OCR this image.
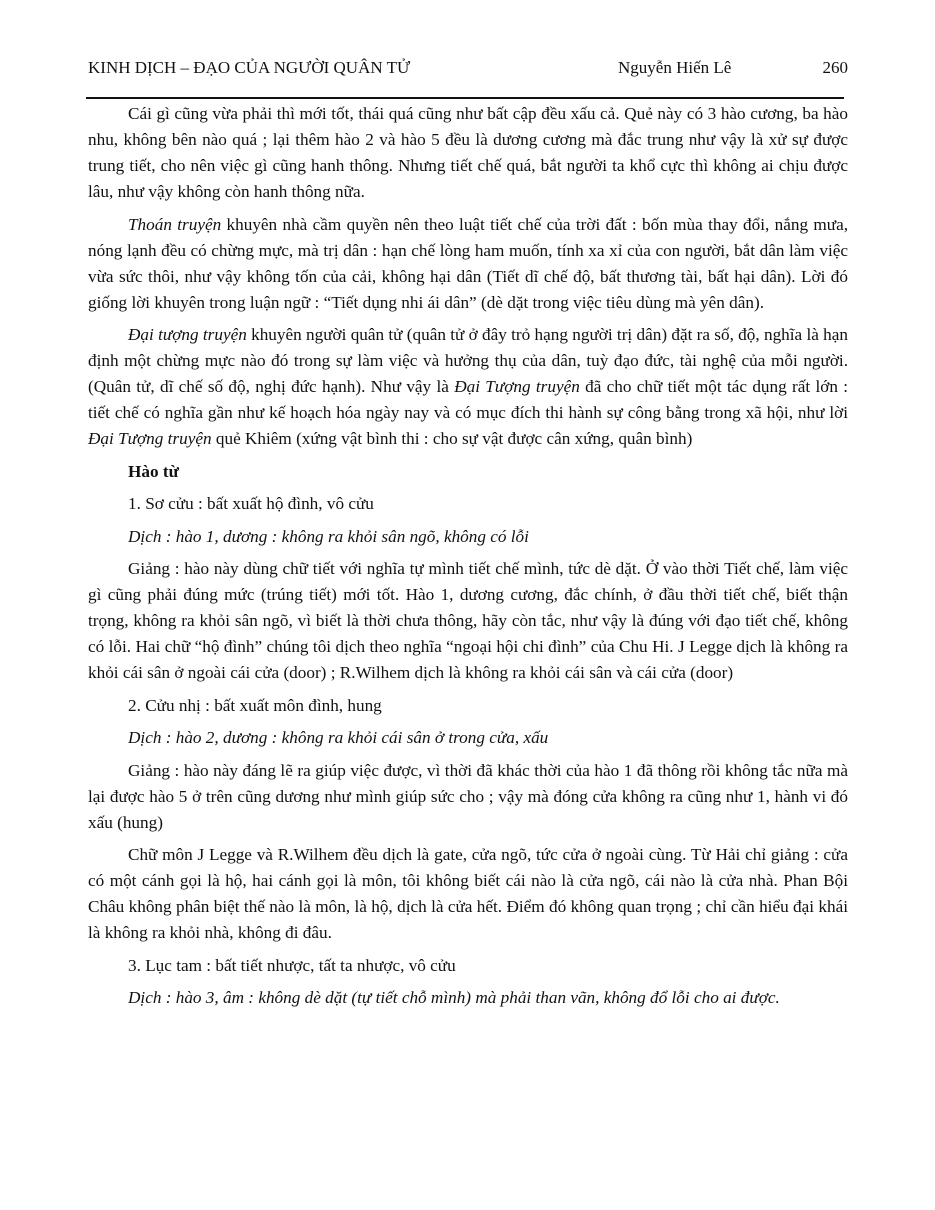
KINH DỊCH – ĐẠO CỦA NGƯỜI QUÂN TỬ	Nguyễn Hiến Lê	260

Cái gì cũng vừa phải thì mới tốt, thái quá cũng như bất cập đều xấu cả. Quẻ này có 3 hào cương, ba hào nhu, không bên nào quá ; lại thêm hào 2 và hào 5 đều là dương cương mà đắc trung như vậy là xử sự được trung tiết, cho nên việc gì cũng hanh thông. Nhưng tiết chế quá, bắt người ta khổ cực thì không ai chịu được lâu, như vậy không còn hanh thông nữa.

Thoán truyện khuyên nhà cầm quyền nên theo luật tiết chế của trời đất : bốn mùa thay đổi, nắng mưa, nóng lạnh đều có chừng mực, mà trị dân : hạn chế lòng ham muốn, tính xa xỉ của con người, bắt dân làm việc vừa sức thôi, như vậy không tốn của cải, không hại dân (Tiết dĩ chế độ, bất thương tài, bất hại dân). Lời đó giống lời khuyên trong luận ngữ : “Tiết dụng nhi ái dân” (dè dặt trong việc tiêu dùng mà yên dân).

Đại tượng truyện khuyên người quân tử (quân tử ở đây trỏ hạng người trị dân) đặt ra số, độ, nghĩa là hạn định một chừng mực nào đó trong sự làm việc và hưởng thụ của dân, tuỳ đạo đức, tài nghệ của mỗi người. (Quân tử, dĩ chế số độ, nghị đức hạnh). Như vậy là Đại Tượng truyện đã cho chữ tiết một tác dụng rất lớn : tiết chế có nghĩa gần như kế hoạch hóa ngày nay và có mục đích thi hành sự công bằng trong xã hội, như lời Đại Tượng truyện quẻ Khiêm (xứng vật bình thi : cho sự vật được cân xứng, quân bình)

Hào từ

1. Sơ cửu : bất xuất hộ đình, vô cửu

Dịch : hào 1, dương : không ra khỏi sân ngõ, không có lỗi

Giảng : hào này dùng chữ tiết với nghĩa tự mình tiết chế mình, tức dè dặt. Ở vào thời Tiết chế, làm việc gì cũng phải đúng mức (trúng tiết) mới tốt. Hào 1, dương cương, đắc chính, ở đầu thời tiết chế, biết thận trọng, không ra khỏi sân ngõ, vì biết là thời chưa thông, hãy còn tắc, như vậy là đúng với đạo tiết chế, không có lỗi. Hai chữ “hộ đình” chúng tôi dịch theo nghĩa “ngoại hội chi đình” của Chu Hi. J Legge dịch là không ra khỏi cái sân ở ngoài cái cửa (door) ; R.Wilhem dịch là không ra khỏi cái sân và cái cửa (door)

2. Cửu nhị : bất xuất môn đình, hung

Dịch : hào 2, dương : không ra khỏi cái sân ở trong cửa, xấu

Giảng : hào này đáng lẽ ra giúp việc được, vì thời đã khác thời của hào 1 đã thông rồi không tắc nữa mà lại được hào 5 ở trên cũng dương như mình giúp sức cho ; vậy mà đóng cửa không ra cũng như 1, hành vi đó xấu (hung)

Chữ môn J Legge và R.Wilhem đều dịch là gate, cửa ngõ, tức cửa ở ngoài cùng. Từ Hải chỉ giảng : cửa có một cánh gọi là hộ, hai cánh gọi là môn, tôi không biết cái nào là cửa ngõ, cái nào là cửa nhà. Phan Bội Châu không phân biệt thế nào là môn, là hộ, dịch là cửa hết. Điểm đó không quan trọng ; chỉ cần hiểu đại khái là không ra khỏi nhà, không đi đâu.

3. Lục tam : bất tiết nhược, tất ta nhược, vô cửu

Dịch : hào 3, âm : không dè dặt (tự tiết chỗ mình) mà phải than vãn, không đổ lỗi cho ai được.
